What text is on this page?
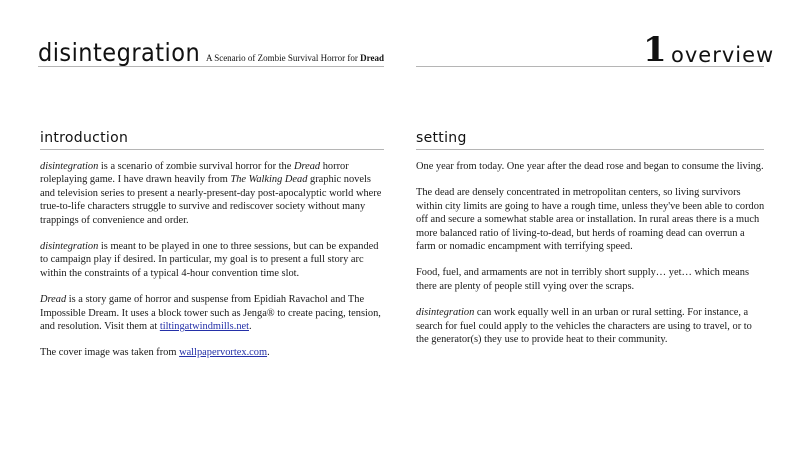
disintegration A Scenario of Zombie Survival Horror for Dread
introduction

disintegration is a scenario of zombie survival horror for the Dread horror roleplaying game. I have drawn heavily from The Walking Dead graphic novels and television series to present a nearly-present-day post-apocalyptic world where true-to-life characters struggle to survive and rediscover society without many trappings of convenience and order.

disintegration is meant to be played in one to three sessions, but can be expanded to campaign play if desired. In particular, my goal is to present a full story arc within the constraints of a typical 4-hour convention time slot.

Dread is a story game of horror and suspense from Epidiah Ravachol and The Impossible Dream. It uses a block tower such as Jenga® to create pacing, tension, and resolution. Visit them at tiltingatwindmills.net.

The cover image was taken from wallpapervortex.com.

1 overview
setting

One year from today. One year after the dead rose and began to consume the living.

The dead are densely concentrated in metropolitan centers, so living survivors within city limits are going to have a rough time, unless they've been able to cordon off and secure a somewhat stable area or installation. In rural areas there is a much more balanced ratio of living-to-dead, but herds of roaming dead can overrun a farm or nomadic encampment with terrifying speed.

Food, fuel, and armaments are not in terribly short supply… yet… which means there are plenty of people still vying over the scraps.

disintegration can work equally well in an urban or rural setting. For instance, a search for fuel could apply to the vehicles the characters are using to travel, or to the generator(s) they use to provide heat to their community.
